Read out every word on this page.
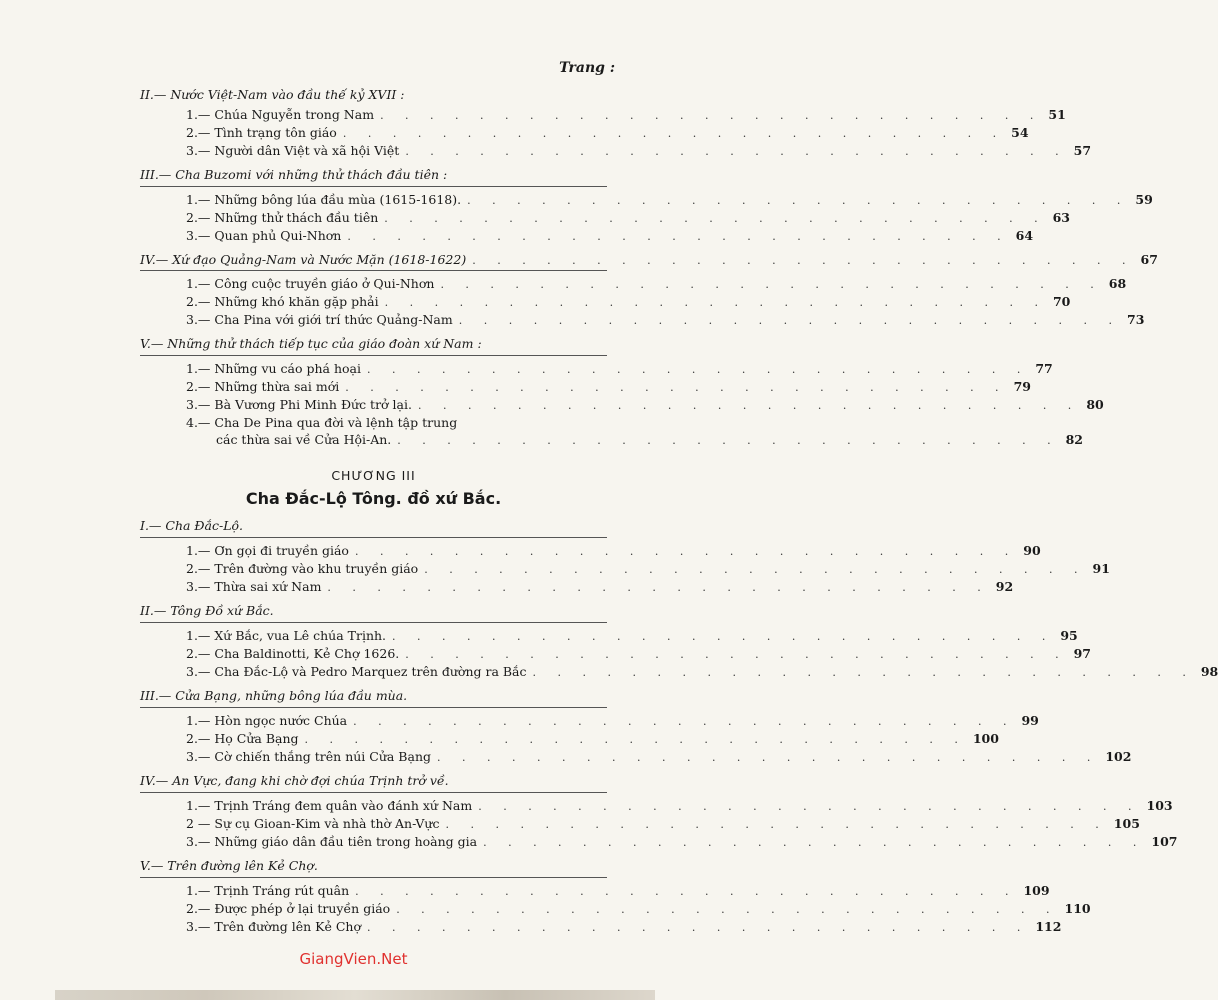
Trang :
II.— Nước Việt-Nam vào đầu thế kỷ XVII :
1.— Chúa Nguyễn trong Nam . . . . . . . . . . . . . . . . . . . . . . . . . . . 51
2.— Tình trạng tôn giáo . . . . . . . . . . . . . . . . . . . . . . . . . . . 54
3.— Người dân Việt và xã hội Việt . . . . . . . . . . . . . . . . . . . . . . . . . . . 57
III.— Cha Buzomi với những thử thách đầu tiên :
1.— Những bông lúa đầu mùa (1615-1618). . . . . . . . . . . . . . . . . . . . . . . . . . . . 59
2.— Những thử thách đầu tiên . . . . . . . . . . . . . . . . . . . . . . . . . . . 63
3.— Quan phủ Qui-Nhơn . . . . . . . . . . . . . . . . . . . . . . . . . . . 64
IV.— Xứ đạo Quảng-Nam và Nước Mặn (1618-1622) . . . . . . . . . . . . . . . . . . . . . . . . . . . 67
1.— Công cuộc truyền giáo ở Qui-Nhơn . . . . . . . . . . . . . . . . . . . . . . . . . . . 68
2.— Những khó khăn gặp phải . . . . . . . . . . . . . . . . . . . . . . . . . . . 70
3.— Cha Pina với giới trí thức Quảng-Nam . . . . . . . . . . . . . . . . . . . . . . . . . . . 73
V.— Những thử thách tiếp tục của giáo đoàn xứ Nam :
1.— Những vu cáo phá hoại . . . . . . . . . . . . . . . . . . . . . . . . . . . 77
2.— Những thừa sai mới . . . . . . . . . . . . . . . . . . . . . . . . . . . 79
3.— Bà Vương Phi Minh Đức trở lại. . . . . . . . . . . . . . . . . . . . . . . . . . . . 80
4.— Cha De Pina qua đời và lệnh tập trung
các thừa sai về Cửa Hội-An. . . . . . . . . . . . . . . . . . . . . . . . . . . . 82
CHƯƠNG III
Cha Đắc-Lộ Tông. đồ xứ Bắc.
I.— Cha Đắc-Lộ.
1.— Ơn gọi đi truyền giáo . . . . . . . . . . . . . . . . . . . . . . . . . . . 90
2.— Trên đường vào khu truyền giáo . . . . . . . . . . . . . . . . . . . . . . . . . . . 91
3.— Thừa sai xứ Nam . . . . . . . . . . . . . . . . . . . . . . . . . . . 92
II.— Tông Đồ xứ Bắc.
1.— Xứ Bắc, vua Lê chúa Trịnh. . . . . . . . . . . . . . . . . . . . . . . . . . . . 95
2.— Cha Baldinotti, Kẻ Chợ 1626. . . . . . . . . . . . . . . . . . . . . . . . . . . . 97
3.— Cha Đắc-Lộ và Pedro Marquez trên đường ra Bắc . . . . . . . . . . . . . . . . . . . . . . . . . . . 98
III.— Cửa Bạng, những bông lúa đầu mùa.
1.— Hòn ngọc nước Chúa . . . . . . . . . . . . . . . . . . . . . . . . . . . 99
2.— Họ Cửa Bạng . . . . . . . . . . . . . . . . . . . . . . . . . . . 100
3.— Cờ chiến thắng trên núi Cửa Bạng . . . . . . . . . . . . . . . . . . . . . . . . . . . 102
IV.— An Vực, đang khi chờ đợi chúa Trịnh trở về.
1.— Trịnh Tráng đem quân vào đánh xứ Nam . . . . . . . . . . . . . . . . . . . . . . . . . . . 103
2 — Sự cụ Gioan-Kim và nhà thờ An-Vực . . . . . . . . . . . . . . . . . . . . . . . . . . . 105
3.— Những giáo dân đầu tiên trong hoàng gia . . . . . . . . . . . . . . . . . . . . . . . . . . . 107
V.— Trên đường lên Kẻ Chợ.
1.— Trịnh Tráng rút quân . . . . . . . . . . . . . . . . . . . . . . . . . . . 109
2.— Được phép ở lại truyền giáo . . . . . . . . . . . . . . . . . . . . . . . . . . . 110
3.— Trên đường lên Kẻ Chợ . . . . . . . . . . . . . . . . . . . . . . . . . . . 112
GiangVien.Net
